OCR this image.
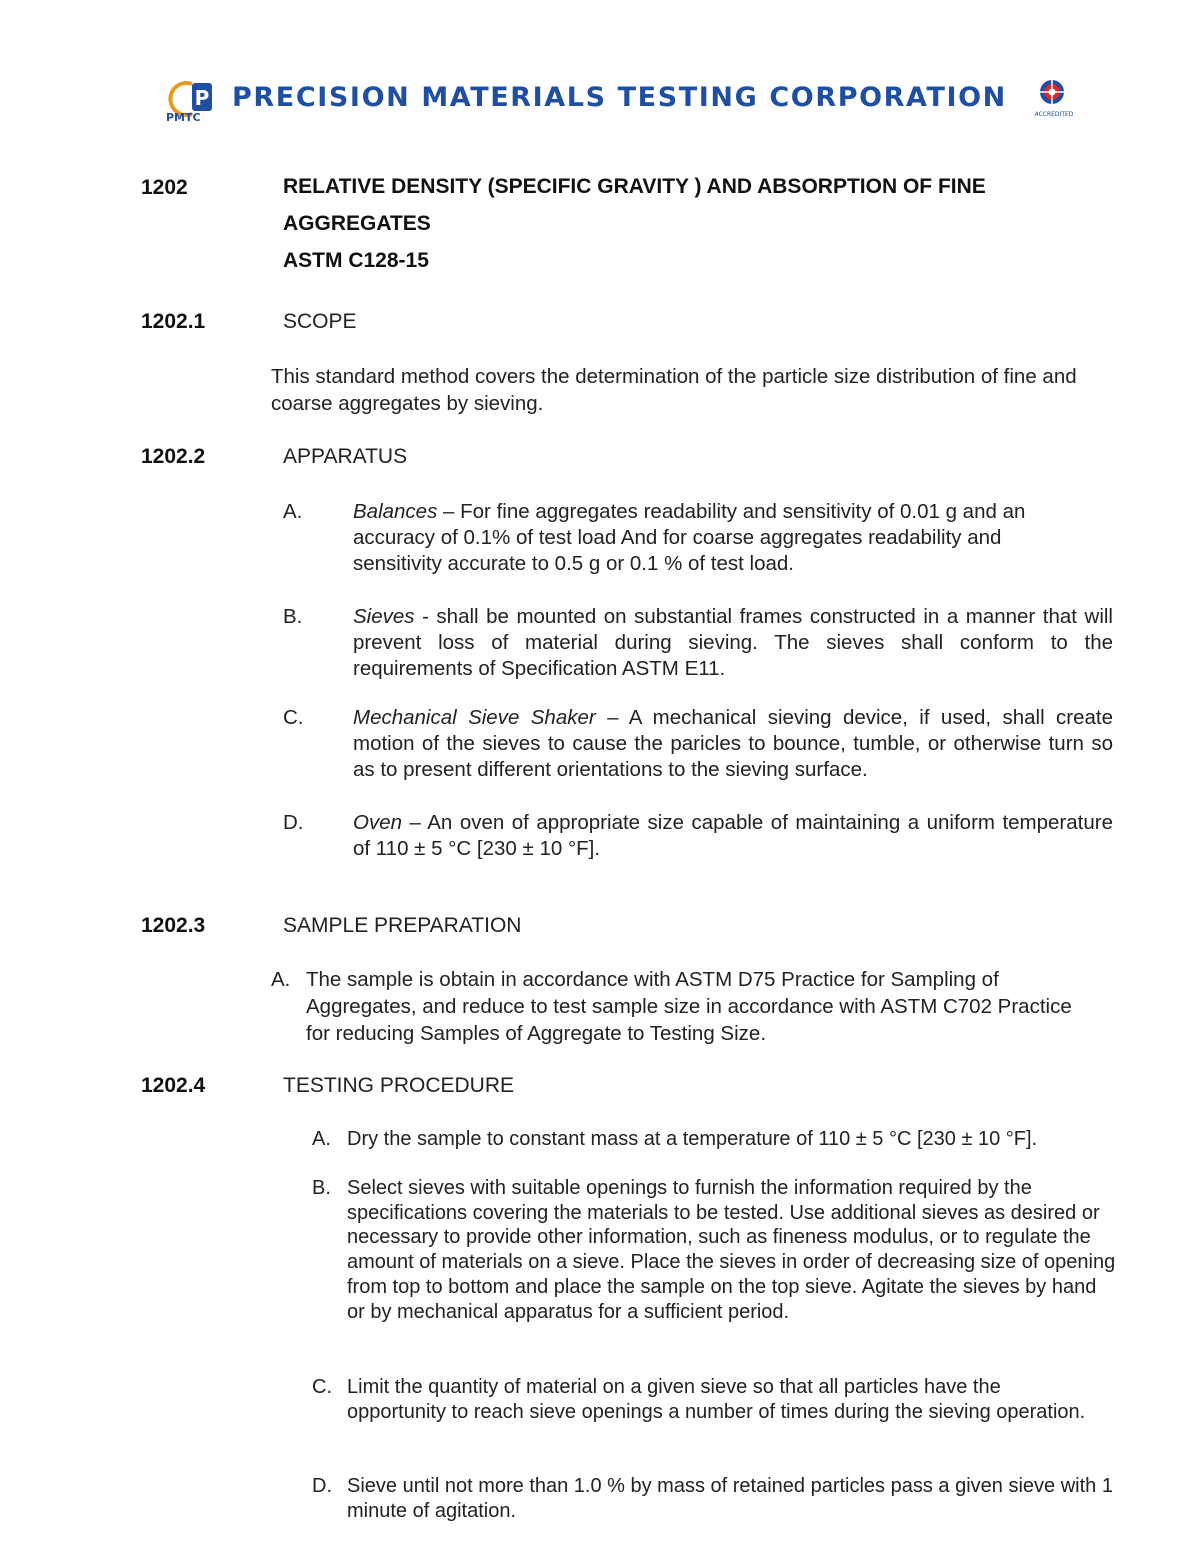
P
PMTC
PRECISION MATERIALS TESTING CORPORATION
ACCREDITED
1202	RELATIVE DENSITY (SPECIFIC GRAVITY ) AND ABSORPTION OF FINE
AGGREGATES
ASTM C128-15
1202.1	SCOPE
This standard method covers the determination of the particle size distribution of fine and coarse aggregates by sieving.
1202.2	APPARATUS
A. Balances – For fine aggregates readability and sensitivity of 0.01 g and an accuracy of 0.1% of test load And for coarse aggregates readability and sensitivity accurate to 0.5 g or 0.1 % of test load.
B. Sieves - shall be mounted on substantial frames constructed in a manner that will prevent loss of material during sieving. The sieves shall conform to the requirements of Specification ASTM E11.
C. Mechanical Sieve Shaker – A mechanical sieving device, if used, shall create motion of the sieves to cause the paricles to bounce, tumble, or otherwise turn so as to present different orientations to the sieving surface.
D. Oven – An oven of appropriate size capable of maintaining a uniform temperature of 110 ± 5 °C [230 ± 10 °F].
1202.3	SAMPLE PREPARATION
A. The sample is obtain in accordance with ASTM D75 Practice for Sampling of Aggregates, and reduce to test sample size in accordance with ASTM C702 Practice for reducing Samples of Aggregate to Testing Size.
1202.4	TESTING PROCEDURE
A. Dry the sample to constant mass at a temperature of 110 ± 5 °C [230 ± 10 °F].
B. Select sieves with suitable openings to furnish the information required by the specifications covering the materials to be tested. Use additional sieves as desired or necessary to provide other information, such as fineness modulus, or to regulate the amount of materials on a sieve. Place the sieves in order of decreasing size of opening from top to bottom and place the sample on the top sieve. Agitate the sieves by hand or by mechanical apparatus for a sufficient period.
C. Limit the quantity of material on a given sieve so that all particles have the opportunity to reach sieve openings a number of times during the sieving operation.
D. Sieve until not more than 1.0 % by mass of retained particles pass a given sieve with 1 minute of agitation.
